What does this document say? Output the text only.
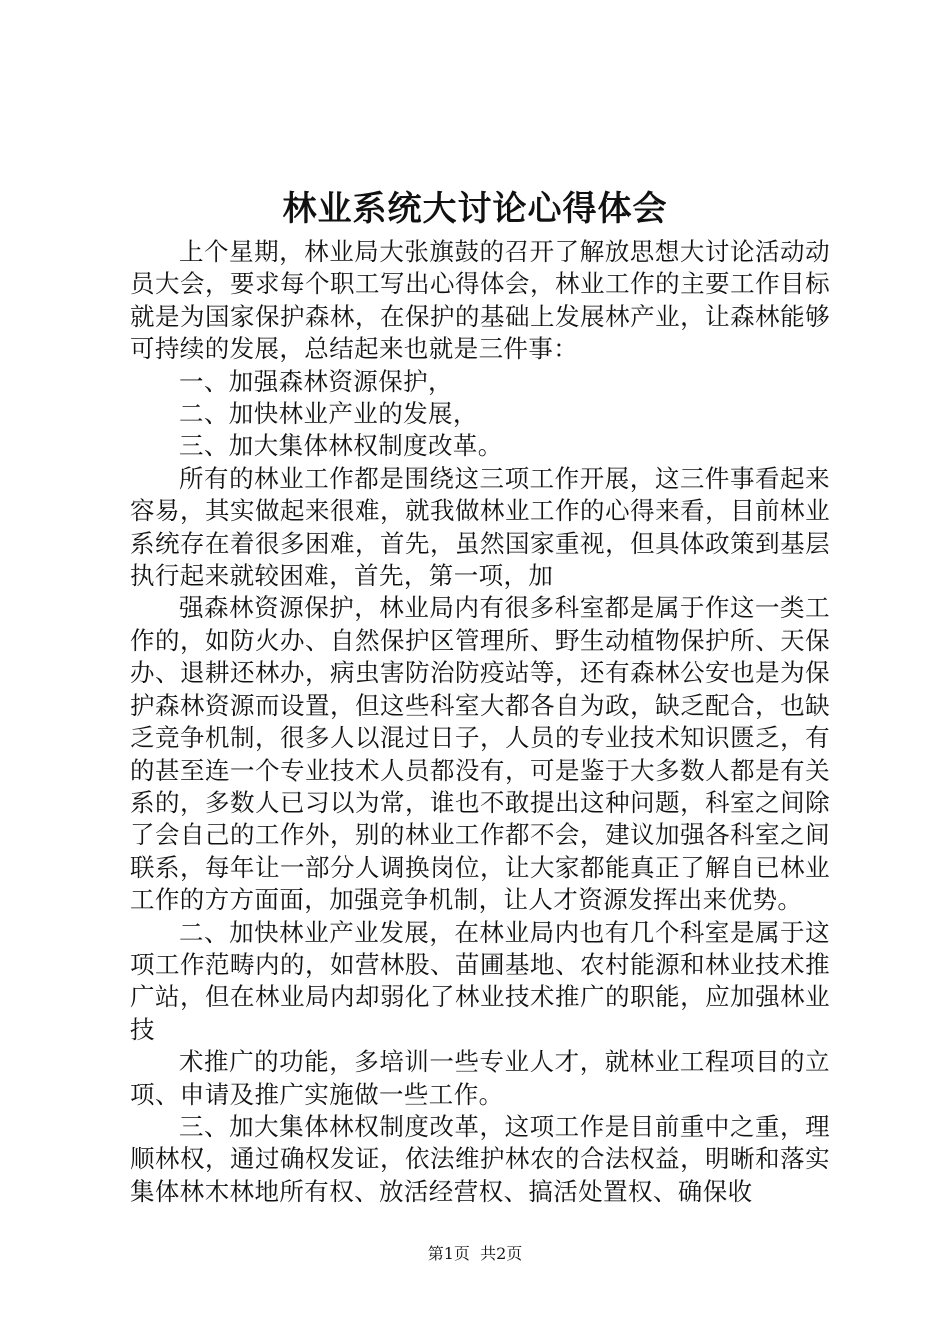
林业系统大讨论心得体会

上个星期，林业局大张旗鼓的召开了解放思想大讨论活动动员大会，要求每个职工写出心得体会，林业工作的主要工作目标就是为国家保护森林，在保护的基础上发展林产业，让森林能够可持续的发展，总结起来也就是三件事：

一、加强森林资源保护，

二、加快林业产业的发展，

三、加大集体林权制度改革。

所有的林业工作都是围绕这三项工作开展，这三件事看起来容易，其实做起来很难，就我做林业工作的心得来看，目前林业系统存在着很多困难，首先，虽然国家重视，但具体政策到基层执行起来就较困难，首先，第一项，加

强森林资源保护，林业局内有很多科室都是属于作这一类工作的，如防火办、自然保护区管理所、野生动植物保护所、天保办、退耕还林办，病虫害防治防疫站等，还有森林公安也是为保护森林资源而设置，但这些科室大都各自为政，缺乏配合，也缺乏竞争机制，很多人以混过日子，人员的专业技术知识匮乏，有的甚至连一个专业技术人员都没有，可是鉴于大多数人都是有关系的，多数人已习以为常，谁也不敢提出这种问题，科室之间除了会自己的工作外，别的林业工作都不会，建议加强各科室之间联系，每年让一部分人调换岗位，让大家都能真正了解自已林业工作的方方面面，加强竞争机制，让人才资源发挥出来优势。

二、加快林业产业发展，在林业局内也有几个科室是属于这项工作范畴内的，如营林股、苗圃基地、农村能源和林业技术推广站，但在林业局内却弱化了林业技术推广的职能，应加强林业技

术推广的功能，多培训一些专业人才，就林业工程项目的立项、申请及推广实施做一些工作。

三、加大集体林权制度改革，这项工作是目前重中之重，理顺林权，通过确权发证，依法维护林农的合法权益，明晰和落实集体林木林地所有权、放活经营权、搞活处置权、确保收

第1页 共2页
